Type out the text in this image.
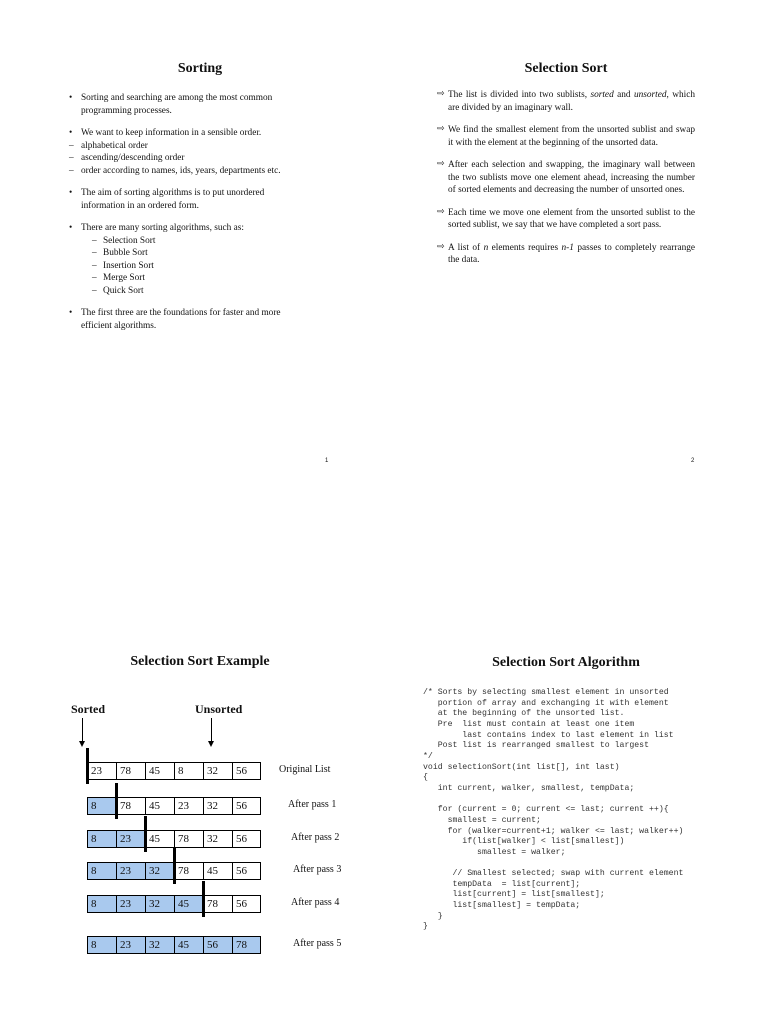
Sorting
• Sorting and searching are among the most common
programming processes.
• We want to keep information in a sensible order.
– alphabetical order
– ascending/descending order
– order according to names, ids, years, departments etc.
• The aim of sorting algorithms is to put unordered
information in an ordered form.
• There are many sorting algorithms, such as:
– Selection Sort
– Bubble Sort
– Insertion Sort
– Merge Sort
– Quick Sort
• The first three are the foundations for faster and more
efficient algorithms.
1
Selection Sort
⇨ The list is divided into two sublists, sorted and unsorted, which are divided by an imaginary wall.
⇨ We find the smallest element from the unsorted sublist and swap it with the element at the beginning of the unsorted data.
⇨ After each selection and swapping, the imaginary wall between the two sublists move one element ahead, increasing the number of sorted elements and decreasing the number of unsorted ones.
⇨ Each time we move one element from the unsorted sublist to the sorted sublist, we say that we have completed a sort pass.
⇨ A list of n elements requires n-1 passes to completely rearrange the data.
2
Selection Sort Example
Sorted	Unsorted
23	78	45	8	32	56	Original List
8	78	45	23	32	56	After pass 1
8	23	45	78	32	56	After pass 2
8	23	32	78	45	56	After pass 3
8	23	32	45	78	56	After pass 4
8	23	32	45	56	78	After pass 5
Selection Sort Algorithm
/* Sorts by selecting smallest element in unsorted
portion of array and exchanging it with element
at the beginning of the unsorted list.
Pre  list must contain at least one item
last contains index to last element in list
Post list is rearranged smallest to largest
*/
void selectionSort(int list[], int last)
{
int current, walker, smallest, tempData;
for (current = 0; current <= last; current ++){
smallest = current;
for (walker=current+1; walker <= last; walker++)
if(list[walker] < list[smallest])
smallest = walker;
// Smallest selected; swap with current element
tempData  = list[current];
list[current] = list[smallest];
list[smallest] = tempData;
}
}
